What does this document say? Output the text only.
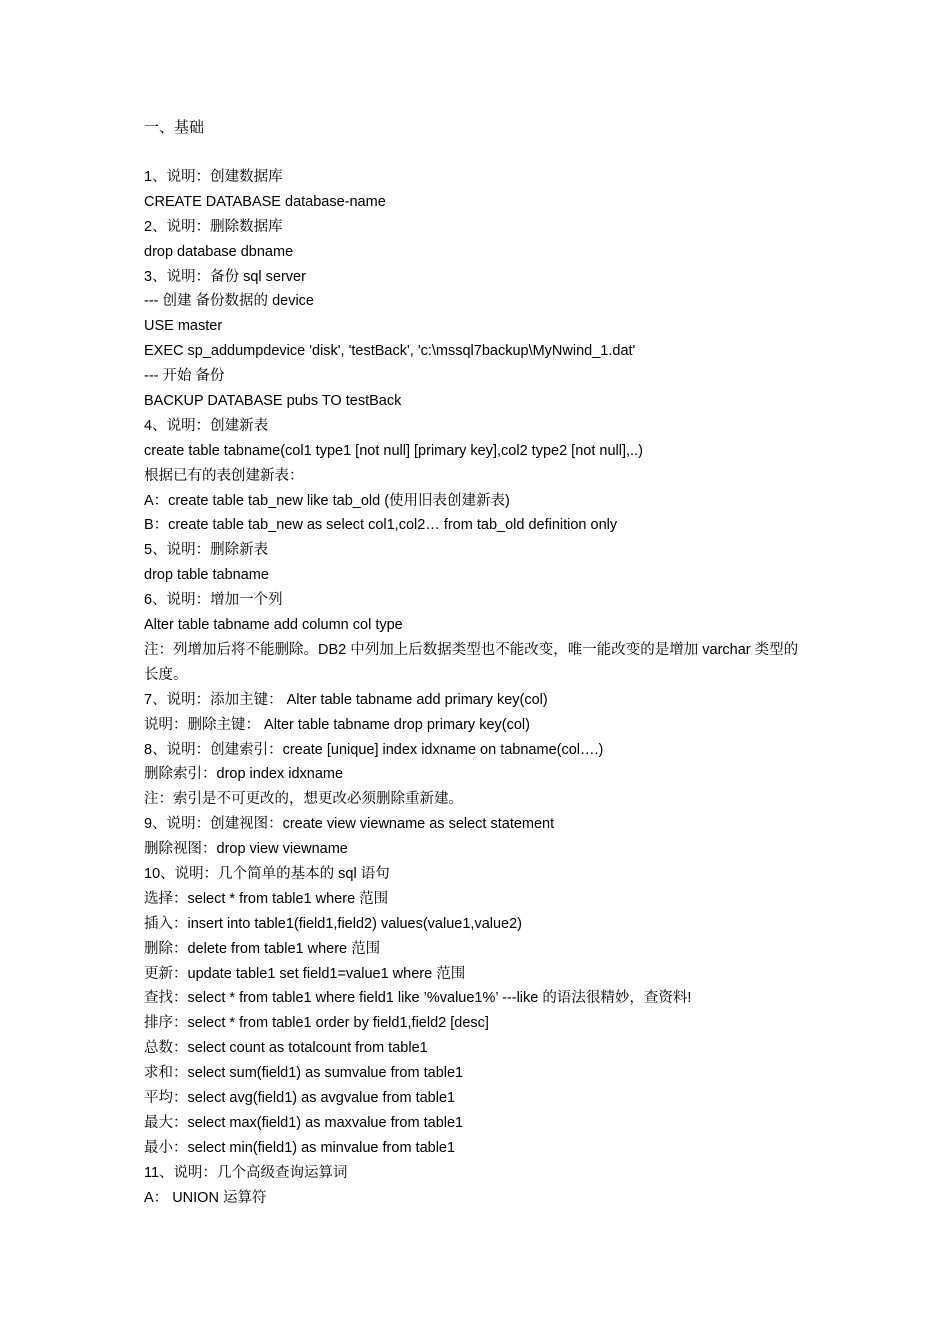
一、基础
1、说明：创建数据库
CREATE DATABASE database-name
2、说明：删除数据库
drop database dbname
3、说明：备份 sql server
--- 创建 备份数据的 device
USE master
EXEC sp_addumpdevice 'disk', 'testBack', 'c:\mssql7backup\MyNwind_1.dat'
--- 开始 备份
BACKUP DATABASE pubs TO testBack
4、说明：创建新表
create table tabname(col1 type1 [not null] [primary key],col2 type2 [not null],..)
根据已有的表创建新表：
A：create table tab_new like tab_old (使用旧表创建新表)
B：create table tab_new as select col1,col2… from tab_old definition only
5、说明：删除新表
drop table tabname
6、说明：增加一个列
Alter table tabname add column col type
注：列增加后将不能删除。DB2 中列加上后数据类型也不能改变，唯一能改变的是增加 varchar 类型的长度。
7、说明：添加主键： Alter table tabname add primary key(col)
说明：删除主键： Alter table tabname drop primary key(col)
8、说明：创建索引：create [unique] index idxname on tabname(col….)
删除索引：drop index idxname
注：索引是不可更改的，想更改必须删除重新建。
9、说明：创建视图：create view viewname as select statement
删除视图：drop view viewname
10、说明：几个简单的基本的 sql 语句
选择：select * from table1 where 范围
插入：insert into table1(field1,field2) values(value1,value2)
删除：delete from table1 where 范围
更新：update table1 set field1=value1 where 范围
查找：select * from table1 where field1 like ’%value1%’ ---like 的语法很精妙，查资料!
排序：select * from table1 order by field1,field2 [desc]
总数：select count as totalcount from table1
求和：select sum(field1) as sumvalue from table1
平均：select avg(field1) as avgvalue from table1
最大：select max(field1) as maxvalue from table1
最小：select min(field1) as minvalue from table1
11、说明：几个高级查询运算词
A： UNION 运算符
